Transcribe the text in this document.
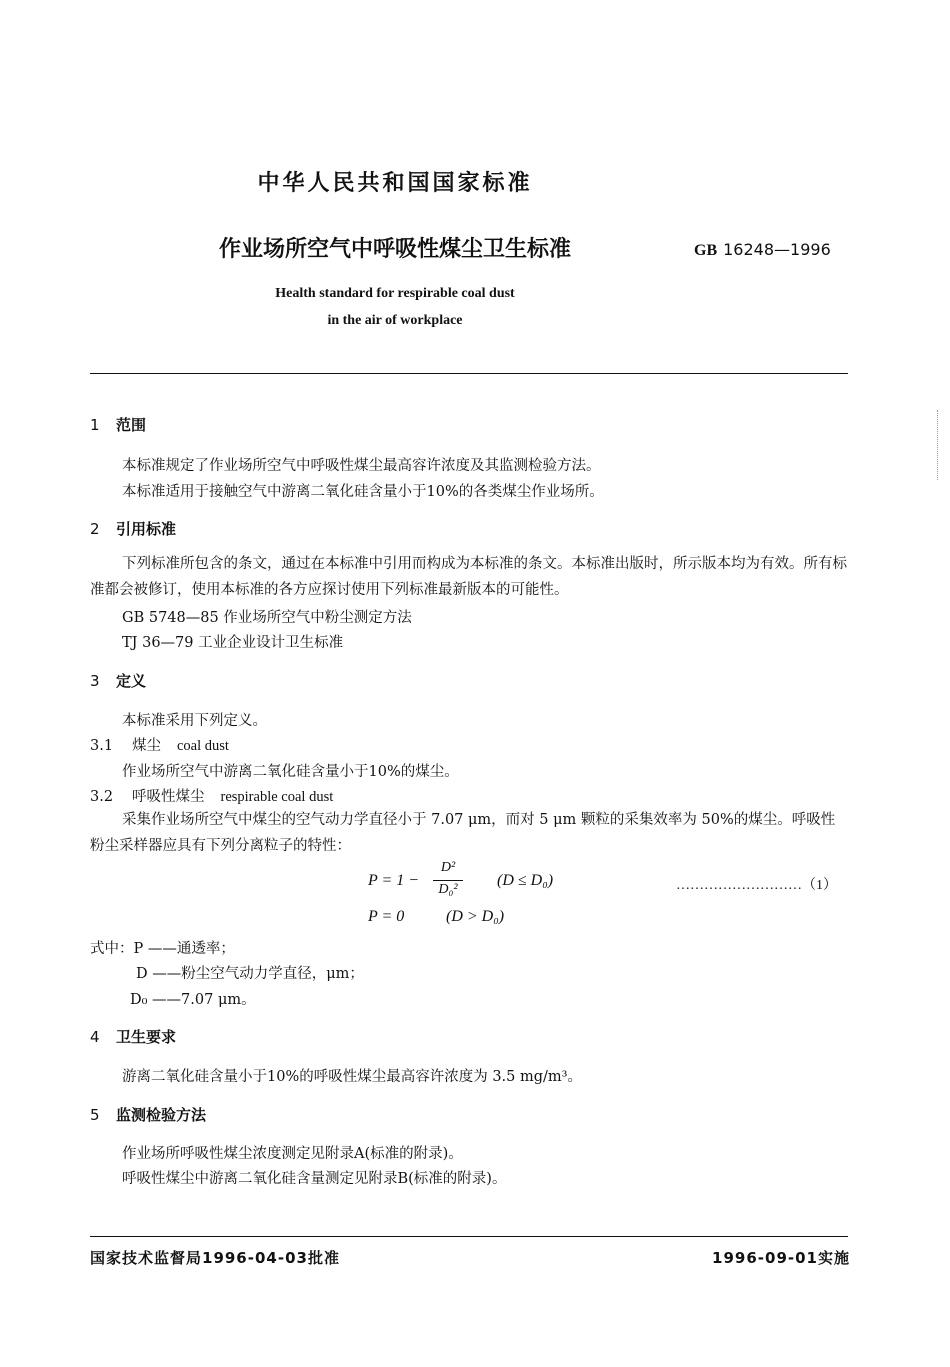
中华人民共和国国家标准
作业场所空气中呼吸性煤尘卫生标准	GB 16248—1996
Health standard for respirable coal dust
in the air of workplace
1 范围
本标准规定了作业场所空气中呼吸性煤尘最高容许浓度及其监测检验方法。
本标准适用于接触空气中游离二氧化硅含量小于10%的各类煤尘作业场所。
2 引用标准
下列标准所包含的条文，通过在本标准中引用而构成为本标准的条文。本标准出版时，所示版本均为有效。所有标准都会被修订，使用本标准的各方应探讨使用下列标准最新版本的可能性。
GB 5748—85 作业场所空气中粉尘测定方法
TJ 36—79 工业企业设计卫生标准
3 定义
本标准采用下列定义。
3.1 煤尘 coal dust
作业场所空气中游离二氧化硅含量小于10%的煤尘。
3.2 呼吸性煤尘 respirable coal dust
采集作业场所空气中煤尘的空气动力学直径小于 7.07 μm，而对 5 μm 颗粒的采集效率为 50%的煤尘。呼吸性粉尘采样器应具有下列分离粒子的特性：
P = 1 −
D²
D₀²
(D ≤ D₀)	………………………（1）
P = 0	(D > D₀)
式中：P ——通透率；
D ——粉尘空气动力学直径，μm；
D₀ ——7.07 μm。
4 卫生要求
游离二氧化硅含量小于10%的呼吸性煤尘最高容许浓度为 3.5 mg/m³。
5 监测检验方法
作业场所呼吸性煤尘浓度测定见附录A(标准的附录)。
呼吸性煤尘中游离二氧化硅含量测定见附录B(标准的附录)。
国家技术监督局1996-04-03批准	1996-09-01实施
